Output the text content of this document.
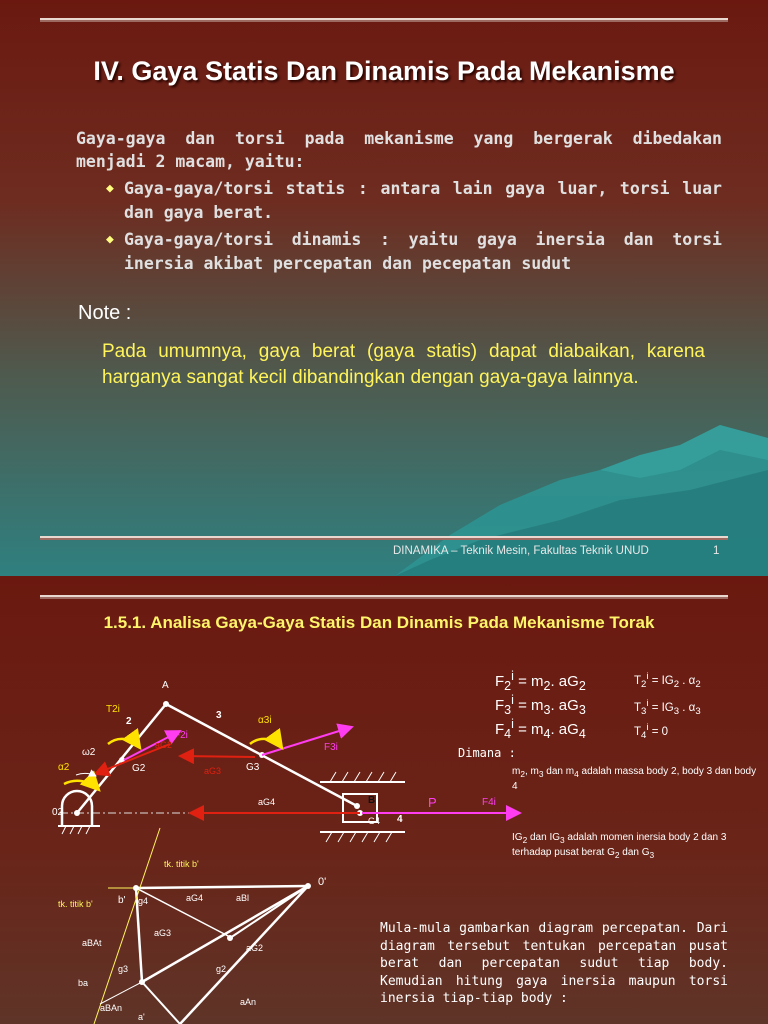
IV. Gaya Statis Dan Dinamis Pada Mekanisme
Gaya-gaya dan torsi pada mekanisme yang bergerak dibedakan menjadi 2 macam, yaitu:
◆ Gaya-gaya/torsi statis : antara lain gaya luar, torsi luar dan gaya berat.
◆ Gaya-gaya/torsi dinamis : yaitu gaya inersia dan torsi inersia akibat percepatan dan pecepatan sudut
Note :
Pada umumnya, gaya berat (gaya statis) dapat diabaikan, karena harganya sangat kecil dibandingkan dengan gaya-gaya lainnya.
DINAMIKA – Teknik Mesin, Fakultas Teknik UNUD	1
1.5.1. Analisa Gaya-Gaya Statis Dan Dinamis Pada Mekanisme Torak
$F_2^i = m_2$. $aG_2$
$F_3^i = m_3$. $aG_3$
$F_4^i = m_4$. $aG_4$
$T_2^i = IG_2$ . $\alpha_2$
$T_3^i = IG_3$ . $\alpha_3$
$T_4^i = 0$
Dimana :
$m_2$, $m_3$ dan $m_4$ adalah massa body 2, body 3 dan body 4
$IG_2$ dan $IG_3$ adalah momen inersia body 2 dan 3 terhadap pusat berat $G_2$ dan $G_3$
Mula-mula gambarkan diagram percepatan. Dari diagram tersebut tentukan percepatan pusat berat dan percepatan sudut tiap body. Kemudian hitung gaya inersia maupun torsi inersia tiap-tiap body :
A
2
3
4
B
02
G2	G3
G4
T2i
α3i
ω2
α2
F2i
F3i
F4i
P
aG2
aG3
aG4
tk. titik b'
tk. titik b'	b' g4	aG4	aBl
0'
aG3
aBAt	aG2
g3	g2
ba
aBAn
aAn
a'
